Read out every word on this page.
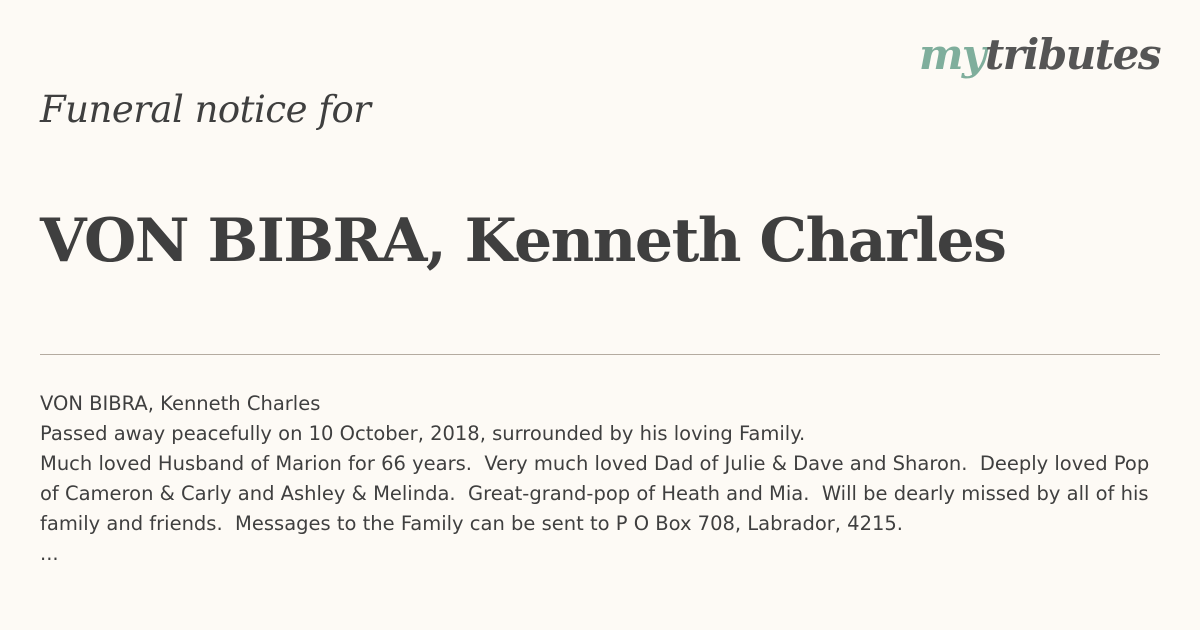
mytributes
Funeral notice for
VON BIBRA, Kenneth Charles

VON BIBRA, Kenneth Charles

Passed away peacefully on 10 October, 2018, surrounded by his loving Family.

Much loved Husband of Marion for 66 years.  Very much loved Dad of Julie & Dave and Sharon.  Deeply loved Pop of Cameron & Carly and Ashley & Melinda.  Great-grand-pop of Heath and Mia.  Will be dearly missed by all of his family and friends.  Messages to the Family can be sent to P O Box 708, Labrador, 4215.

...
